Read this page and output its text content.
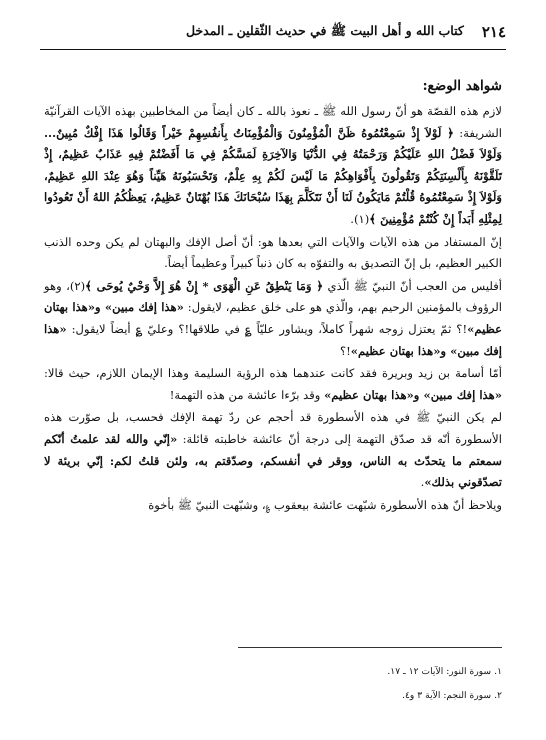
٢١٤
كتاب الله و أهل البيت ﷺ في حديث الثّقلين ـ المدخل
شواهد الوضع:

لازم هذه القصّة هو أنّ رسول الله ﷺ ـ نعوذ بالله ـ كان أيضاً من المخاطبين بهذه الآيات القرآنيّة الشريفة: ﴿ لَوْلاَ إِذْ سَمِعْتُمُوهُ ظَنَّ الْمُؤْمِنُونَ وَالْمُؤْمِنَاتُ بِأَنفُسِهِمْ خَيْراً وَقَالُوا هَذَا إِفْكٌ مُبِينٌ... وَلَوْلاَ فَضْلُ اللهِ عَلَيْكُمْ وَرَحْمَتُهُ فِي الدُّنْيَا وَالآخِرَةِ لَمَسَّكُمْ فِي مَا أَفَضْتُمْ فِيهِ عَذَابٌ عَظِيمٌ، إِذْ تَلَقَّوْنَهُ بِأَلْسِنَتِكُمْ وَتَقُولُونَ بِأَفْوَاهِكُمْ مَا لَيْسَ لَكُمْ بِهِ عِلْمٌ، وَتَحْسَبُونَهُ هَيِّناً وَهُوَ عِنْدَ اللهِ عَظِيمٌ، وَلَوْلاَ إِذْ سَمِعْتُمُوهُ قُلْتُمْ مَايَكُونُ لَنَا أَنْ نَتَكَلَّمَ بِهَذَا سُبْحَانَكَ هَذَا بُهْتَانٌ عَظِيمٌ، يَعِظُكُمُ اللهُ أَنْ تَعُودُوا لِمِثْلِهِ أَبَداً إِنْ كُنْتُمْ مُؤْمِنِينَ ﴾(١).

إنّ المستفاد من هذه الآيات والآيات التي بعدها هو: أنّ أصل الإفك والبهتان لم يكن وحده الذنب الكبير العظيم، بل إنّ التصديق به والتفوّه به كان ذنباً كبيراً وعظيماً أيضاً.

أفليس من العجب أنّ النبيّ ﷺ الّذي ﴿ وَمَا يَنْطِقُ عَنِ الْهَوَى * إِنْ هُوَ إِلاَّ وَحْيٌ يُوحَى ﴾(٢)، وهو الرؤوف بالمؤمنين الرحيم بهم، والّذي هو على خلق عظيم، لايقول: «هذا إفك مبين» و«هذا بهتان عظيم»!؟ ثمّ يعتزل زوجه شهراً كاملاً، ويشاور عليّاً ؏ في طلاقها!؟ وعليّ ؏ أيضاً لايقول: «هذا إفك مبين» و«هذا بهتان عظيم»!؟

أمّا أسامة بن زيد وبريرة فقد كانت عندهما هذه الرؤية السليمة وهذا الإيمان اللازم، حيث قالا: «هذا إفك مبين» و«هذا بهتان عظيم» وقد برّءا عائشة من هذه التهمة!

لم يكن النبيّ ﷺ في هذه الأسطورة قد أحجم عن ردّ تهمة الإفك فحسب، بل صوّرت هذه الأسطورة أنّه قد صدّق التهمة إلى درجة أنّ عائشة خاطبته قائلة: «إنّي والله لقد علمتُ أنّكم سمعتم ما يتحدّث به الناس، ووقر في أنفسكم، وصدّقتم به، ولئن قلتُ لكم: إنّي بريئة لا تصدّقوني بذلك».

ويلاحظ أنّ هذه الأسطورة شبّهت عائشة بيعقوب ؏، وشبّهت النبيّ ﷺ بأخوة

١. سورة النور: الآيات ١٢ ـ ١٧.
٢. سورة النجم: الآية ٣ و٤.
